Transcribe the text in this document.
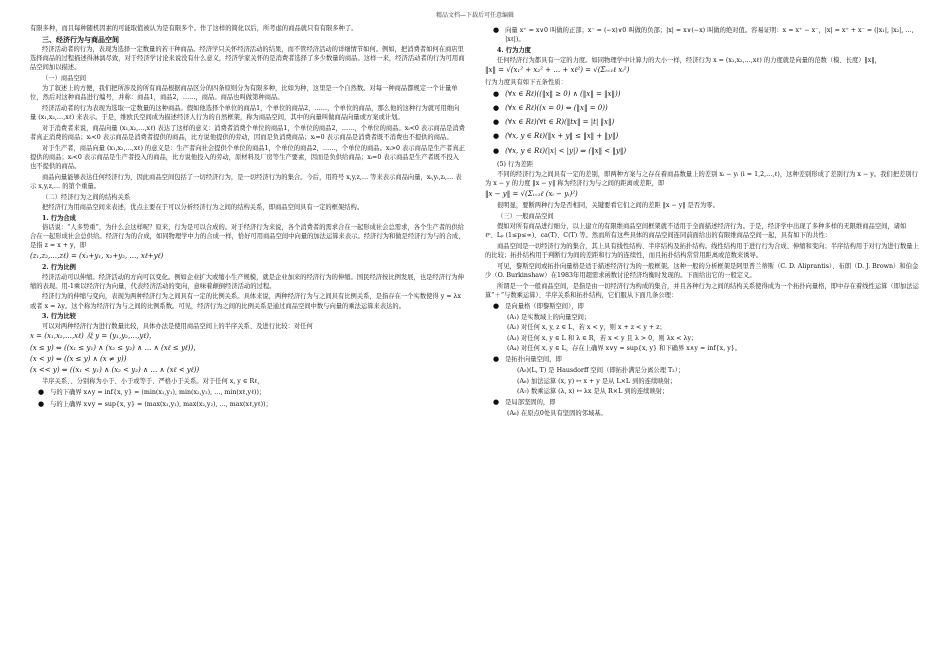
精品文档—下载后可任意编辑

有限多种，而且每种随机因素的可能取值被认为是有限多个。作了这样的简化以后，所考虑的商品就只有有限多种了。

三、经济行为与商品空间

经济活动者的行为，表现为选择一定数量的若干种商品。经济学只关怀经济活动的结果，而不管经济活动的详细情节如何。例如，把消费者如何在商店里选择商品的过程描述得淋漓尽致，对于经济学讨论来说没有什么意义，经济学家关怀的是消费者选择了多少数量的商品。这样一来，经济活动者的行为可用商品空间加以描述。

（一）商品空间

为了叙述上的方便，我们把所涉及的所有商品根据商品区分的四条原则分为有限多种，比如为种，这里是一个自然数。对每一种商品都规定一个计量单位，然后对这种商品进行编号，并称：商品1，商品2，……，商品。商品也叫做第种商品。

经济活动者的行为表现为选取一定数量的这种商品。假如他选择个单位的商品1，个单位的商品2，……，个单位的商品，那么他的这种行为就可用维向量 (x₁,x₂,…,xℓ) 来表示。于是，维欧氏空间成为描述经济人行为的自然框架，称为商品空间，其中的向量叫做商品向量或方案或计划。

对于消费者来说，商品向量 (x₁,x₂,…,xℓ) 表达了这样的意义：消费者消费个单位的商品1，个单位的商品2，……，个单位的商品。xᵢ<0 表示商品是消费者真正消费的商品；xᵢ<0 表示商品是消费者提供的商品，比方说他提供的劳动，因而是负消费商品；xᵢ=0 表示商品是消费者既不消费也不提供的商品。

对于生产者，商品向量 (x₁,x₂,…,xℓ) 的意义是：生产者向社会提供个单位的商品1，个单位的商品2，……，个单位的商品。xᵢ>0 表示商品是生产者真正提供的商品；xᵢ<0 表示商品是生产者投入的商品，比方说他投入的劳动，原材料及厂房等生产要素，因而是负供给商品；xᵢ=0 表示商品是生产者既不投入也不提供的商品。

商品向量能够表达任何经济行为，因此商品空间包括了一切经济行为，是一切经济行为的集合。今后，用符号 x,y,z,… 等来表示商品向量，xᵢ,yᵢ,zᵢ,… 表示 x,y,z,… 的第个重量。

（二）经济行为之间的结构关系

把经济行为用商品空间来表述，优点主要在于可以分析经济行为之间的结构关系，即商品空间具有一定的框架结构。

1. 行为合成

俗话说：“人多势重”，为什么会这样呢？原来，行为是可以合成的。对于经济行为来说，各个消费者的需求合在一起形成社会总需求，各个生产者的供给合在一起形成社会总供给。经济行为的合成，如同物理学中力的合成一样，恰好可用商品空间中向量的加法运算来表示。经济行为和做是经济行为与的合成，是指 z = x + y，即

(z₁,z₂,…,zℓ) = (x₁+y₁, x₂+y₂, …, xℓ+yℓ)
2. 行为比例

经济活动可以伸缩。经济活动的方向可以变化。例如企业扩大或缩小生产规模，就是企业加来的经济行为的伸缩。国民经济按比例发展，也是经济行为伸缩的表现。用-1乘以经济行为向量，代表经济活动的变向，意味着颠倒经济活动的过程。

经济行为的伸缩与变向，表现为两种经济行为之间具有一定的比例关系。具体来说，两种经济行为与之间具有比例关系，是指存在一个实数使得 y = λx 或者 x = λy。这个称为经济行为与之间的比例系数。可见，经济行为之间的比例关系是通过商品空间中数与向量的乘法运算来表达的。

3. 行为比较

可以对两种经济行为进行数量比较，具体办法是使用商品空间上的半序关系、及进行比较：对任何

x = (x₁,x₂,…,xℓ) 及 y = (y₁,y₂,…,yℓ)，
(x ≤ y) ⇔ ((x₁ ≤ y₁) ∧ (x₂ ≤ y₂) ∧ … ∧ (xℓ ≤ yℓ))，
(x < y) ⇔ ((x ≤ y) ∧ (x ≠ y))
(x << y) ⇔ ((x₁ < y₁) ∧ (x₂ < y₂) ∧ … ∧ (xℓ < yℓ))

半序关系、、分别称为小于、小于或等于、严格小于关系。对于任何 x, y ∈ Rℓ，

● 与的下确界 x∧y = inf{x, y} = (min(x₁,y₁), min(x₂,y₂), …, min(xℓ,yℓ))；
● 与的上确界 x∨y = sup{x, y} = (max(x₁,y₁), max(x₂,y₂), …, max(xℓ,yℓ))；
● 向量 x⁺ = x∨0 叫做的正部；x⁻ = (−x)∨0 叫做的负部；|x| = x∨(−x) 叫做的绝对值。容易证明：x = x⁺ − x⁻，|x| = x⁺ + x⁻ = (|x₁|, |x₂|, …, |xℓ|)。
4. 行为力度

任何经济行为都具有一定的力度。如同物理学中计算力的大小一样，经济行为 x = (x₁,x₂,…,xℓ) 的力度就是向量的范数（模、长度）‖x‖，

‖x‖ = √(x₁² + x₂² + … + xℓ²) = √(Σᵢ₌₁ℓ xᵢ²)

行为力度具有如下五条性质：

● (∀x ∈ Rℓ)((‖x‖ ≥ 0) ∧ (‖x‖ = ‖x‖))
● (∀x ∈ Rℓ)((x = 0) ⇔ (‖x‖ = 0))
● (∀x ∈ Rℓ)(∀t ∈ R)(‖tx‖ = |t| ‖x‖)
● (∀x, y ∈ Rℓ)(‖x + y‖ ≤ ‖x‖ + ‖y‖)
● (∀x, y ∈ Rℓ)(|x| < |y|) ⇒ (‖x‖ < ‖y‖)
(5) 行为差距

不同的经济行为之间具有一定的差别，即两种方案与之存在着商品数量上的差别 xᵢ − yᵢ (i = 1,2,…,ℓ)，这种差别形成了差别行为 x − y。我们把差别行为 x − y 的力度 ‖x − y‖ 称为经济行为与之间的距离或差距，即

‖x − y‖ = √(Σᵢ₌₁ℓ (xᵢ − yᵢ)²)

很明显，要断两种行为是否相同，关键要看它们之间的差距 ‖x − y‖ 是否为零。

（三）一般商品空间

假如对所有商品进行细分，以上建立的有限维商品空间框架就不适用于全面描述经济行为。于是，经济学中出现了多种多样的无限维商品空间，诸如 ℓᵖ、Lₚ (1≤p≤∞)、ca(T)、C(T) 等。然而所有这些具体的商品空间连同前面给出的有限维商品空间一起，具有如下的共性：

商品空间是一切经济行为的集合，其上具有线性结构、半序结构及拓扑结构。线性结构用于进行行为合成、伸缩和变向；半序结构用于对行为进行数量上的比较；拓扑结构用于判断行为间的差距和行为的连续性，而且拓扑结构常常用距离或范数来诱导。

可见，黎斯空间或拓扑向量格是适于描述经济行为的一般框架。这种一般的分析框架是阿里普兰蒂斯（C. D. Aliprantis）、布朗（D. J. Brown）和伯金少（O. Burkinshaw）在1983年用超需求函数讨论经济均衡时发现的。下面给出它的一般定义。

所谓是一个一般商品空间，是指是由一切经济行为构成的集合，并且各种行为之间的结构关系使得成为一个拓扑向量格，即中存在着线性运算（即加法运算“＋”与数乘运算）、半序关系和拓扑结构，它们服从下面几条公理：

● 是向量格（即黎斯空间），即
(A₁) 是实数域上的向量空间；
(A₂) 对任何 x, y, z ∈ L，若 x < y，则 x + z < y + z；
(A₃) 对任何 x, y ∈ L 和 λ ∈ R，若 x < y 且 λ > 0，则 λx < λy；
(A₄) 对任何 x, y ∈ L，存在上确界 x∨y = sup{x, y} 和下确界 x∧y = inf{x, y}。
● 是拓扑向量空间，即
(A₅)(L, T) 是 Hausdorff 空间（即拓扑满足分离公理 T₂）；
(A₆) 加法运算 (x, y) ↦ x + y 是从 L×L 到的连续映射；
(A₇) 数乘运算 (λ, x) ↦ λx 是从 R×L 到的连续映射；
● 是局部坚固的，即
(A₈) 在原点0处具有坚固的邻域基。
